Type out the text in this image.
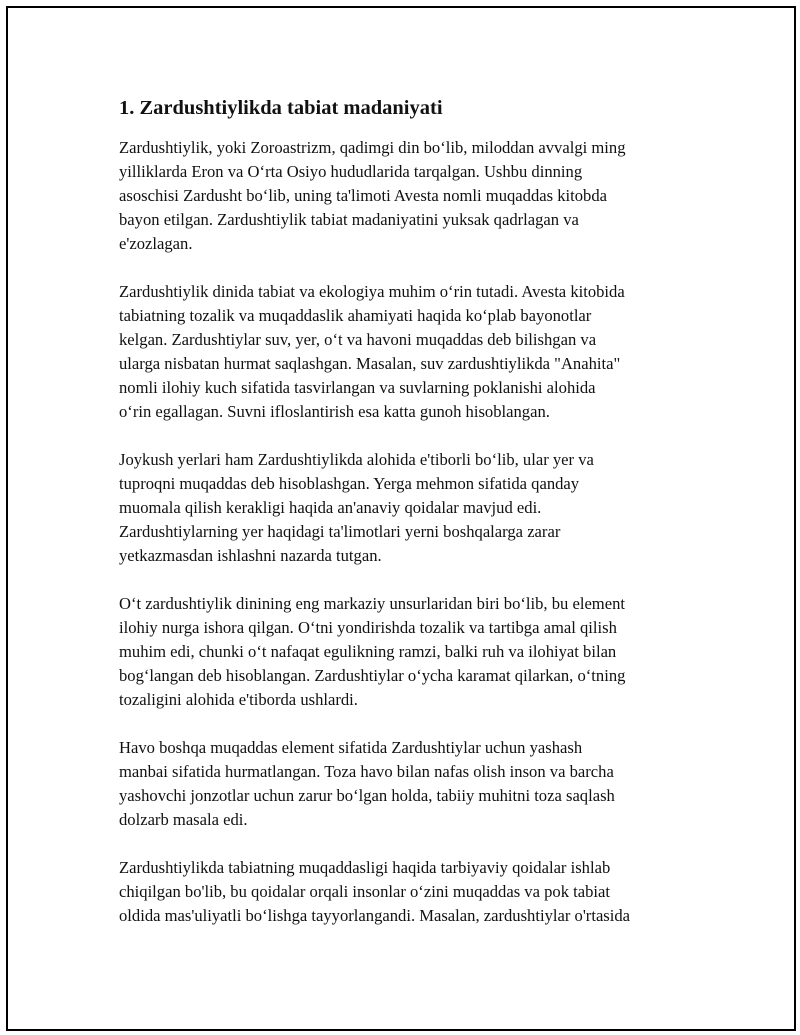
1. Zardushtiylikda tabiat madaniyati

Zardushtiylik, yoki Zoroastrizm, qadimgi din boʻlib, miloddan avvalgi ming
yilliklarda Eron va Oʻrta Osiyo hududlarida tarqalgan. Ushbu dinning
asoschisi Zardusht boʻlib, uning ta'limoti Avesta nomli muqaddas kitobda
bayon etilgan. Zardushtiylik tabiat madaniyatini yuksak qadrlagan va
e'zozlagan.

Zardushtiylik dinida tabiat va ekologiya muhim oʻrin tutadi. Avesta kitobida
tabiatning tozalik va muqaddaslik ahamiyati haqida koʻplab bayonotlar
kelgan. Zardushtiylar suv, yer, oʻt va havoni muqaddas deb bilishgan va
ularga nisbatan hurmat saqlashgan. Masalan, suv zardushtiylikda "Anahita"
nomli ilohiy kuch sifatida tasvirlangan va suvlarning poklanishi alohida
oʻrin egallagan. Suvni ifloslantirish esa katta gunoh hisoblangan.

Joykush yerlari ham Zardushtiylikda alohida e'tiborli boʻlib, ular yer va
tuproqni muqaddas deb hisoblashgan. Yerga mehmon sifatida qanday
muomala qilish kerakligi haqida an'anaviy qoidalar mavjud edi.
Zardushtiylarning yer haqidagi ta'limotlari yerni boshqalarga zarar
yetkazmasdan ishlashni nazarda tutgan.

Oʻt zardushtiylik dinining eng markaziy unsurlaridan biri boʻlib, bu element
ilohiy nurga ishora qilgan. Oʻtni yondirishda tozalik va tartibga amal qilish
muhim edi, chunki oʻt nafaqat egulikning ramzi, balki ruh va ilohiyat bilan
bogʻlangan deb hisoblangan. Zardushtiylar oʻycha karamat qilarkan, oʻtning
tozaligini alohida e'tiborda ushlardi.

Havo boshqa muqaddas element sifatida Zardushtiylar uchun yashash
manbai sifatida hurmatlangan. Toza havo bilan nafas olish inson va barcha
yashovchi jonzotlar uchun zarur boʻlgan holda, tabiiy muhitni toza saqlash
dolzarb masala edi.

Zardushtiylikda tabiatning muqaddasligi haqida tarbiyaviy qoidalar ishlab
chiqilgan bo'lib, bu qoidalar orqali insonlar oʻzini muqaddas va pok tabiat
oldida mas'uliyatli boʻlishga tayyorlangandi. Masalan, zardushtiylar o'rtasida
